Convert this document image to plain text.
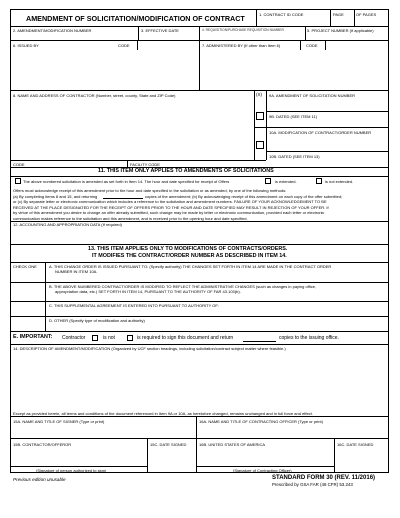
AMENDMENT OF SOLICITATION/MODIFICATION OF CONTRACT	1. CONTRACT ID CODE	PAGE	OF PAGES
2. AMENDMENT/MODIFICATION NUMBER	3. EFFECTIVE DATE	4. REQUISITION/PURCHASE REQUISITION NUMBER	5. PROJECT NUMBER (If applicable)
6. ISSUED BY	CODE	7. ADMINISTERED BY (If other than Item 6)	CODE
8. NAME AND ADDRESS OF CONTRACTOR (Number, street, county, State and ZIP Code)	(X) 9A. AMENDMENT OF SOLICITATION NUMBER
9B. DATED (SEE ITEM 11)
10A. MODIFICATION OF CONTRACT/ORDER NUMBER
10B. DATED (SEE ITEM 13)
CODE	FACILITY CODE
11. THIS ITEM ONLY APPLIES TO AMENDMENTS OF SOLICITATIONS
The above numbered solicitation is amended as set forth in Item 14. The hour and date specified for receipt of Offers	is extended.	is not extended.
Offers must acknowledge receipt of this amendment prior to the hour and date specified in the solicitation or as amended, by one of the following methods:
(a) By completing items 8 and 15, and returning	copies of the amendment; (b) By acknowledging receipt of this amendment on each copy of the offer submitted;
or (c) By separate letter or electronic communication which includes a reference to the solicitation and amendment numbers. FAILURE OF YOUR ACKNOWLEDGEMENT TO BE
RECEIVED AT THE PLACE DESIGNATED FOR THE RECEIPT OF OFFERS PRIOR TO THE HOUR AND DATE SPECIFIED MAY RESULT IN REJECTION OF YOUR OFFER. If
by virtue of this amendment you desire to change an offer already submitted, such change may be made by letter or electronic communication, provided each letter or electronic
communication makes reference to the solicitation and this amendment, and is received prior to the opening hour and date specified.
12. ACCOUNTING AND APPROPRIATION DATA (If required)
13. THIS ITEM APPLIES ONLY TO MODIFICATIONS OF CONTRACTS/ORDERS.
IT MODIFIES THE CONTRACT/ORDER NUMBER AS DESCRIBED IN ITEM 14.
CHECK ONE	A. THIS CHANGE ORDER IS ISSUED PURSUANT TO: (Specify authority) THE CHANGES SET FORTH IN ITEM 14 ARE MADE IN THE CONTRACT ORDER
NUMBER IN ITEM 10A.
B. THE ABOVE NUMBERED CONTRACT/ORDER IS MODIFIED TO REFLECT THE ADMINISTRATIVE CHANGES (such as changes in paying office,
appropriation data, etc.) SET FORTH IN ITEM 14, PURSUANT TO THE AUTHORITY OF FAR 43.103(b).
C. THIS SUPPLEMENTAL AGREEMENT IS ENTERED INTO PURSUANT TO AUTHORITY OF:
D. OTHER (Specify type of modification and authority)
E. IMPORTANT: Contractor	is not	is required to sign this document and return	copies to the issuing office.
14. DESCRIPTION OF AMENDMENT/MODIFICATION (Organized by UCF section headings, including solicitation/contract subject matter where feasible.)
Except as provided herein, all terms and conditions of the document referenced in Item 9A or 10A, as heretofore changed, remains unchanged and in full force and effect.
15A. NAME AND TITLE OF SIGNER (Type or print)	16A. NAME AND TITLE OF CONTRACTING OFFICER (Type or print)
15B. CONTRACTOR/OFFEROR	15C. DATE SIGNED	16B. UNITED STATES OF AMERICA	16C. DATE SIGNED
(Signature of person authorized to sign)	(Signature of Contracting Officer)
Previous edition unusable	STANDARD FORM 30 (REV. 11/2016)
Prescribed by GSA FAR (48 CFR) 53.243
